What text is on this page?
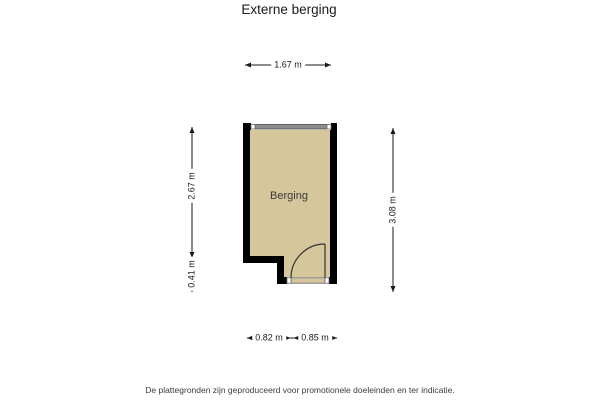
Externe berging
Berging
1.67 m
2.67 m
0.41 m
3.08 m
0.82 m	0.85 m
De plattegronden zijn geproduceerd voor promotionele doeleinden en ter indicatie.
